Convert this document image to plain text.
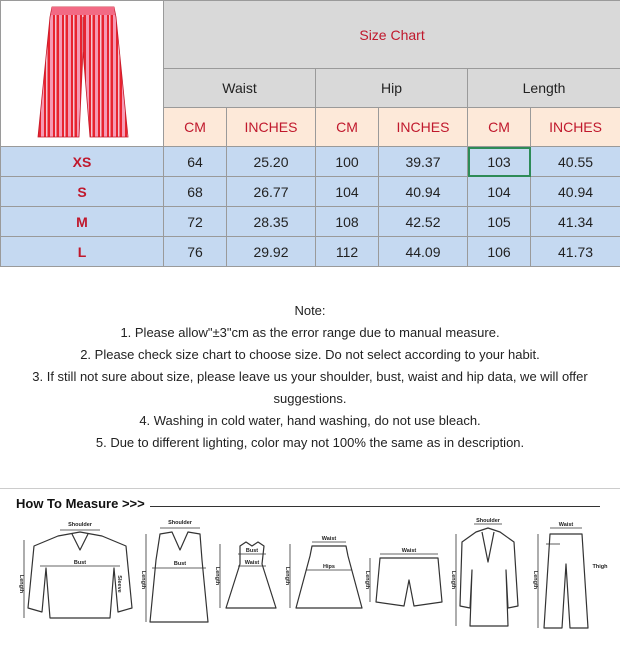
	Size Chart					
	Waist		Hip		Length	
	CM	INCHES	CM	INCHES	CM	INCHES
XS	64	25.20	100	39.37	103	40.55
S	68	26.77	104	40.94	104	40.94
M	72	28.35	108	42.52	105	41.34
L	76	29.92	112	44.09	106	41.73

Note:

1. Please allow"±3"cm as the error range due to manual measure.

2. Please check size chart to choose size. Do not select according to your habit.

3. If still not sure about size, please leave us your shoulder, bust, waist and hip data, we will offer

suggestions.

4. Washing in cold water, hand washing, do not use bleach.

5. Due to different lighting, color may not 100% the same as in description.

How To Measure >>>
Shoulder
Bust
Length	Sleeve
Shoulder
Bust
Length
Bust
Waist
Length
Waist
Hips
Length
Waist
Length
Shoulder
Length
Waist
Thigh
Length
